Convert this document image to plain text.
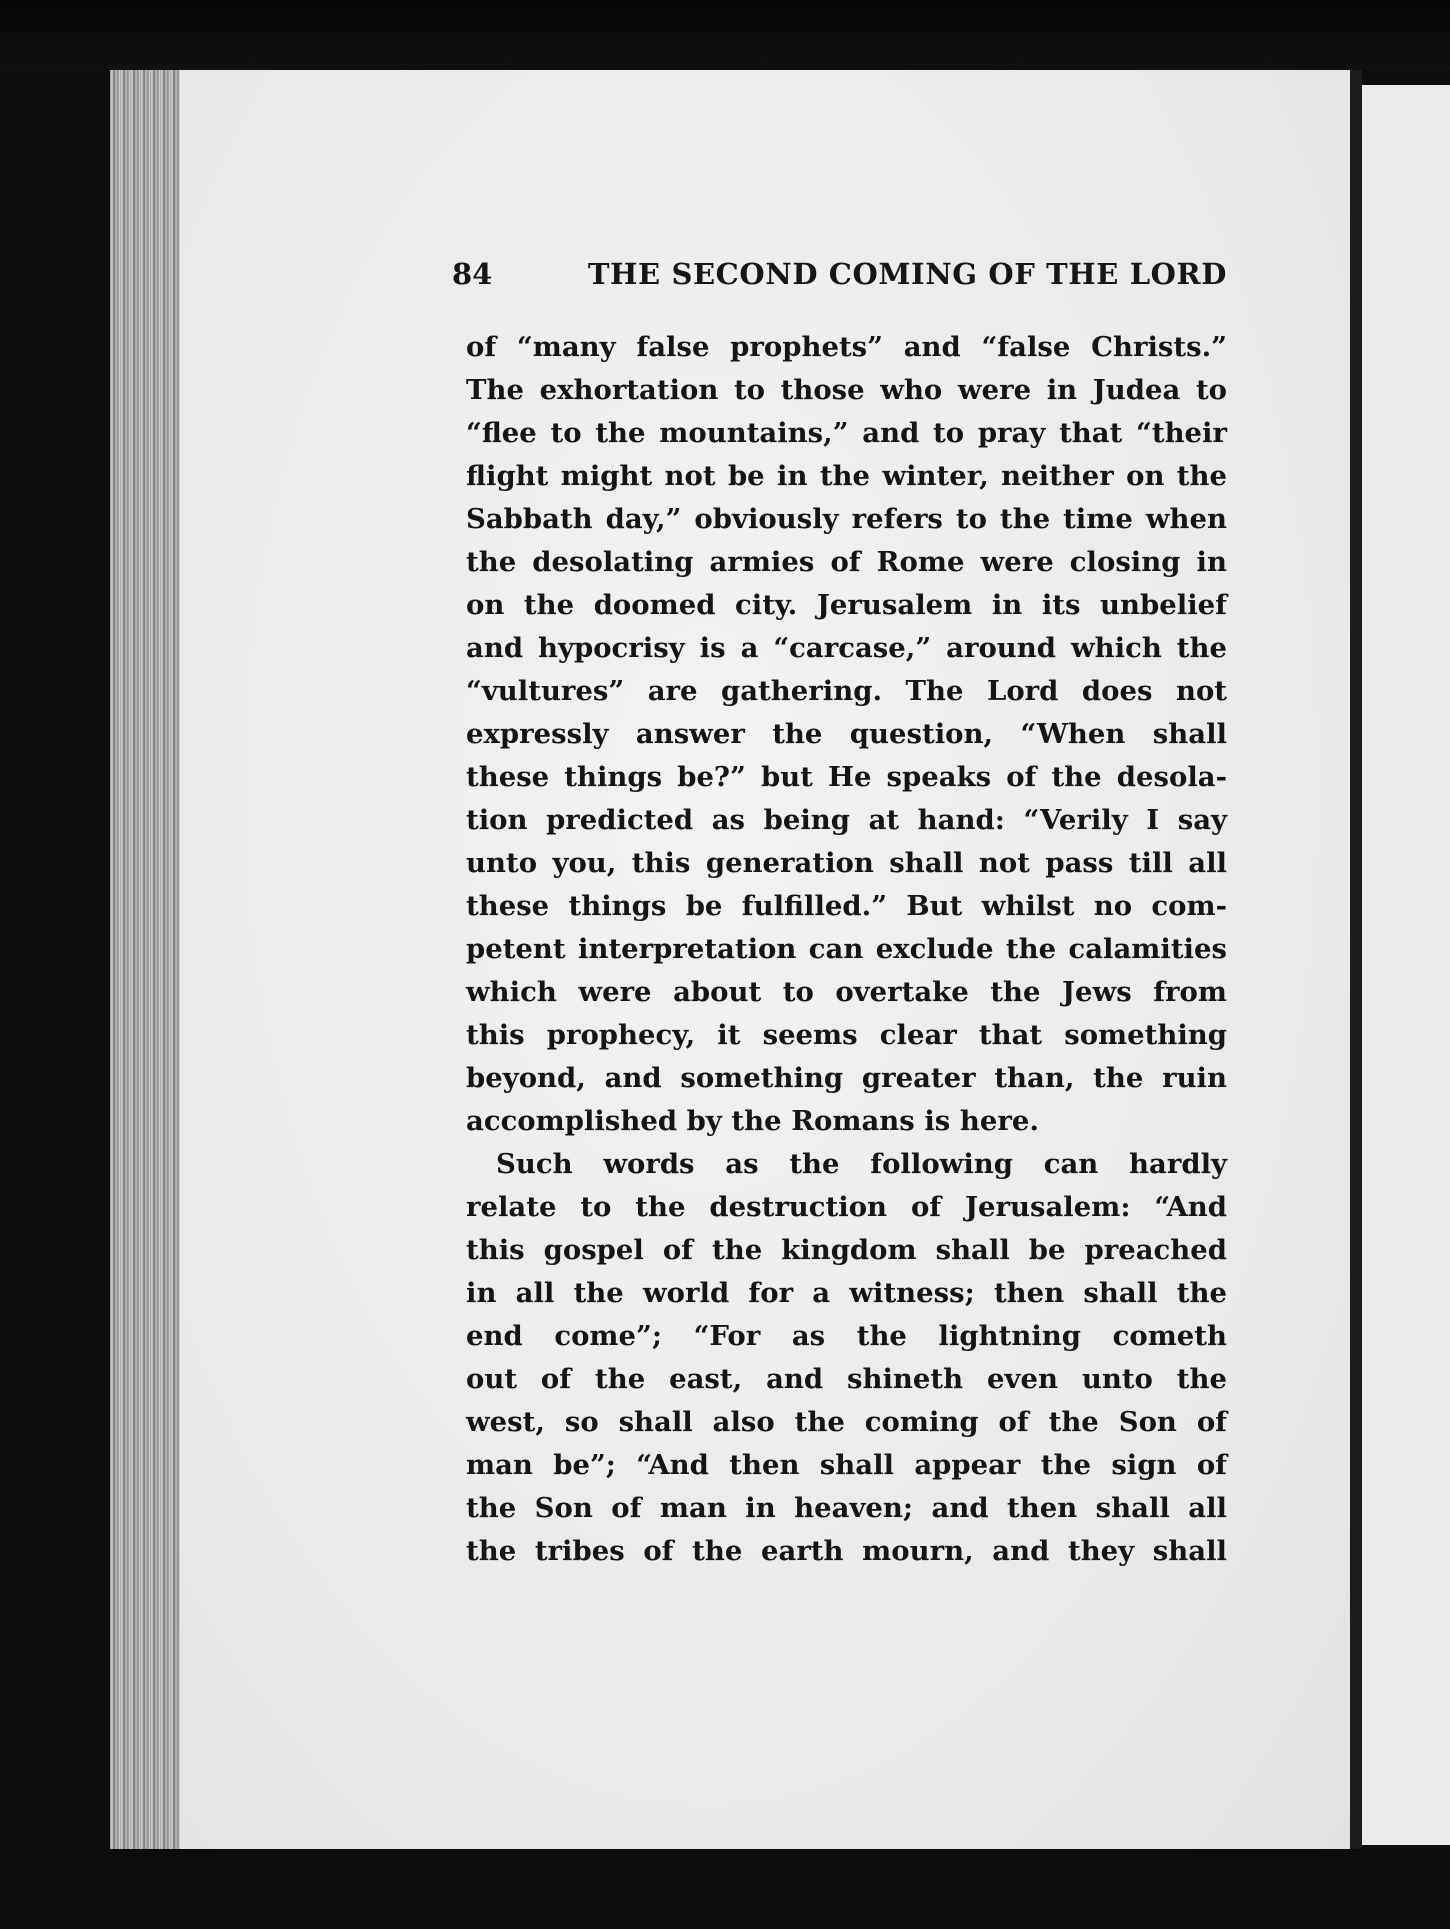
84	THE SECOND COMING OF THE LORD
of “many false prophets” and “false Christs.”
The exhortation to those who were in Judea to
“flee to the mountains,” and to pray that “their
flight might not be in the winter, neither on the
Sabbath day,” obviously refers to the time when
the desolating armies of Rome were closing in
on the doomed city. Jerusalem in its unbelief
and hypocrisy is a “carcase,” around which the
“vultures” are gathering. The Lord does not
expressly answer the question, “When shall
these things be?” but He speaks of the desola-
tion predicted as being at hand: “Verily I say
unto you, this generation shall not pass till all
these things be fulfilled.” But whilst no com-
petent interpretation can exclude the calamities
which were about to overtake the Jews from
this prophecy, it seems clear that something
beyond, and something greater than, the ruin
accomplished by the Romans is here.
Such words as the following can hardly
relate to the destruction of Jerusalem: “And
this gospel of the kingdom shall be preached
in all the world for a witness; then shall the
end come”; “For as the lightning cometh
out of the east, and shineth even unto the
west, so shall also the coming of the Son of
man be”; “And then shall appear the sign of
the Son of man in heaven; and then shall all
the tribes of the earth mourn, and they shall
